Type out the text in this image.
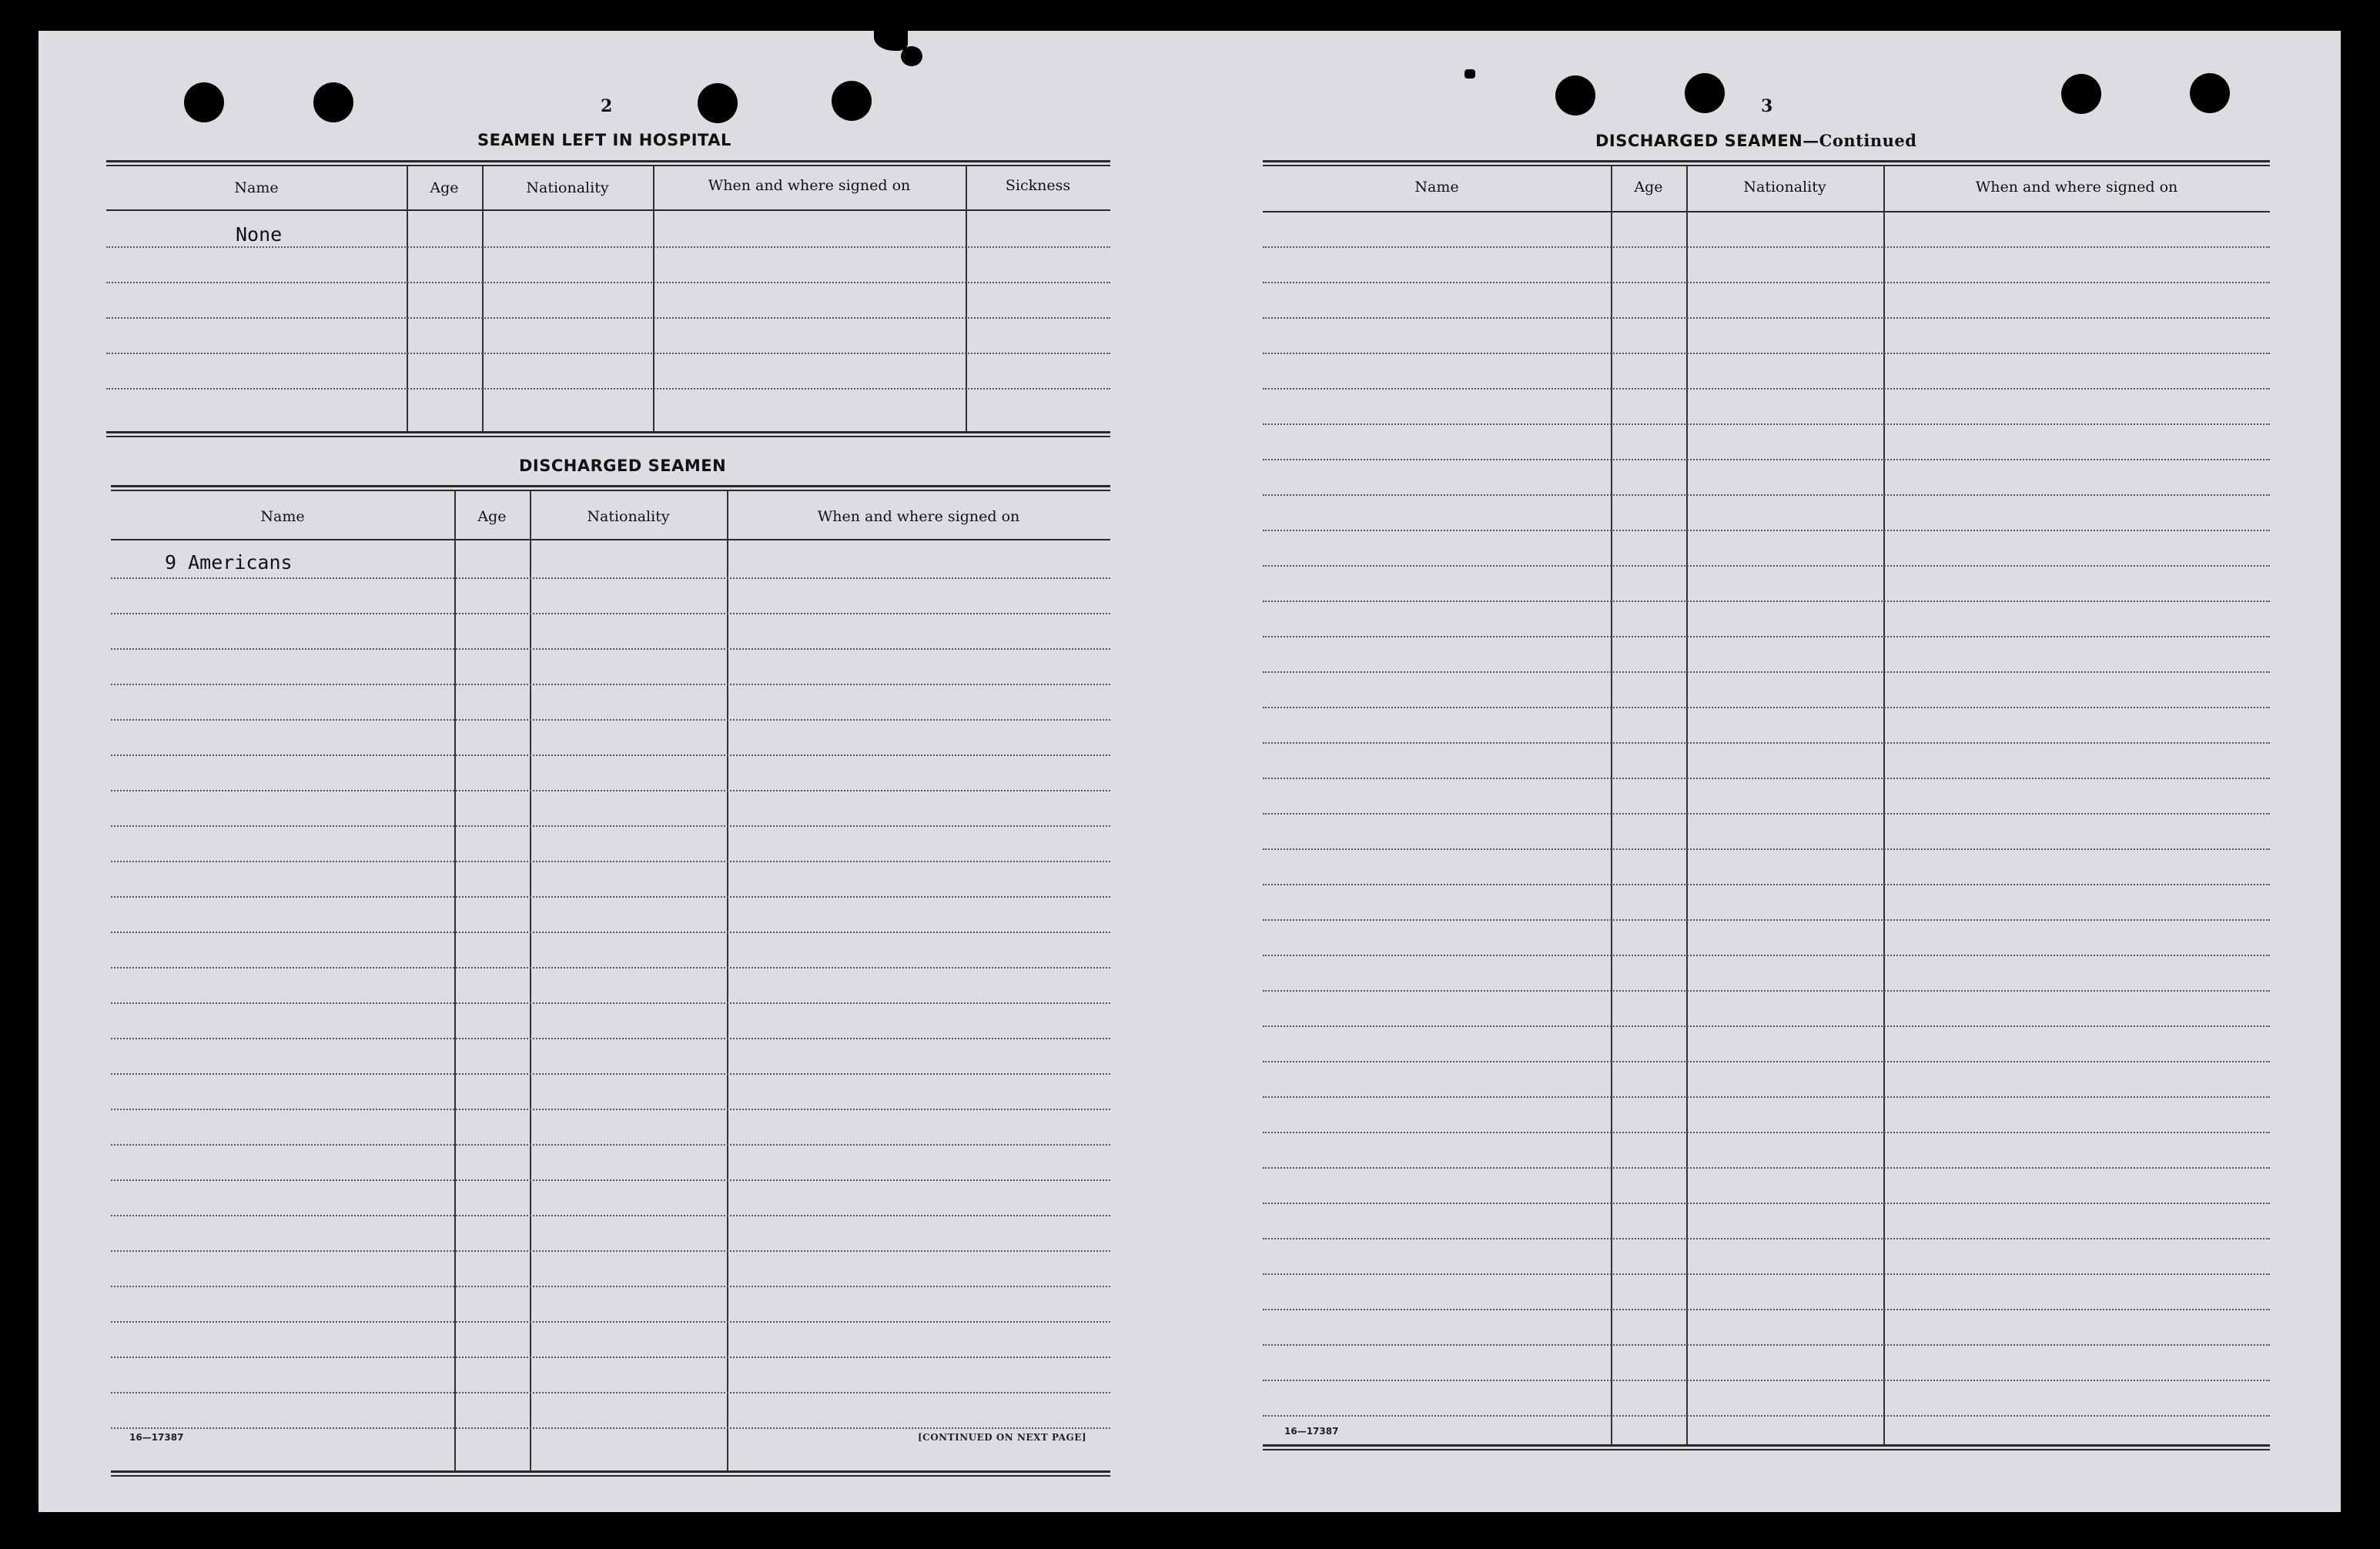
2
SEAMEN LEFT IN HOSPITAL
Name	Age	Nationality	When and where signed on	Sickness
None
DISCHARGED SEAMEN
Name	Age	Nationality	When and where signed on
9 Americans
16—17387	[CONTINUED ON NEXT PAGE]
3
DISCHARGED SEAMEN—Continued
Name	Age	Nationality	When and where signed on
16—17387
